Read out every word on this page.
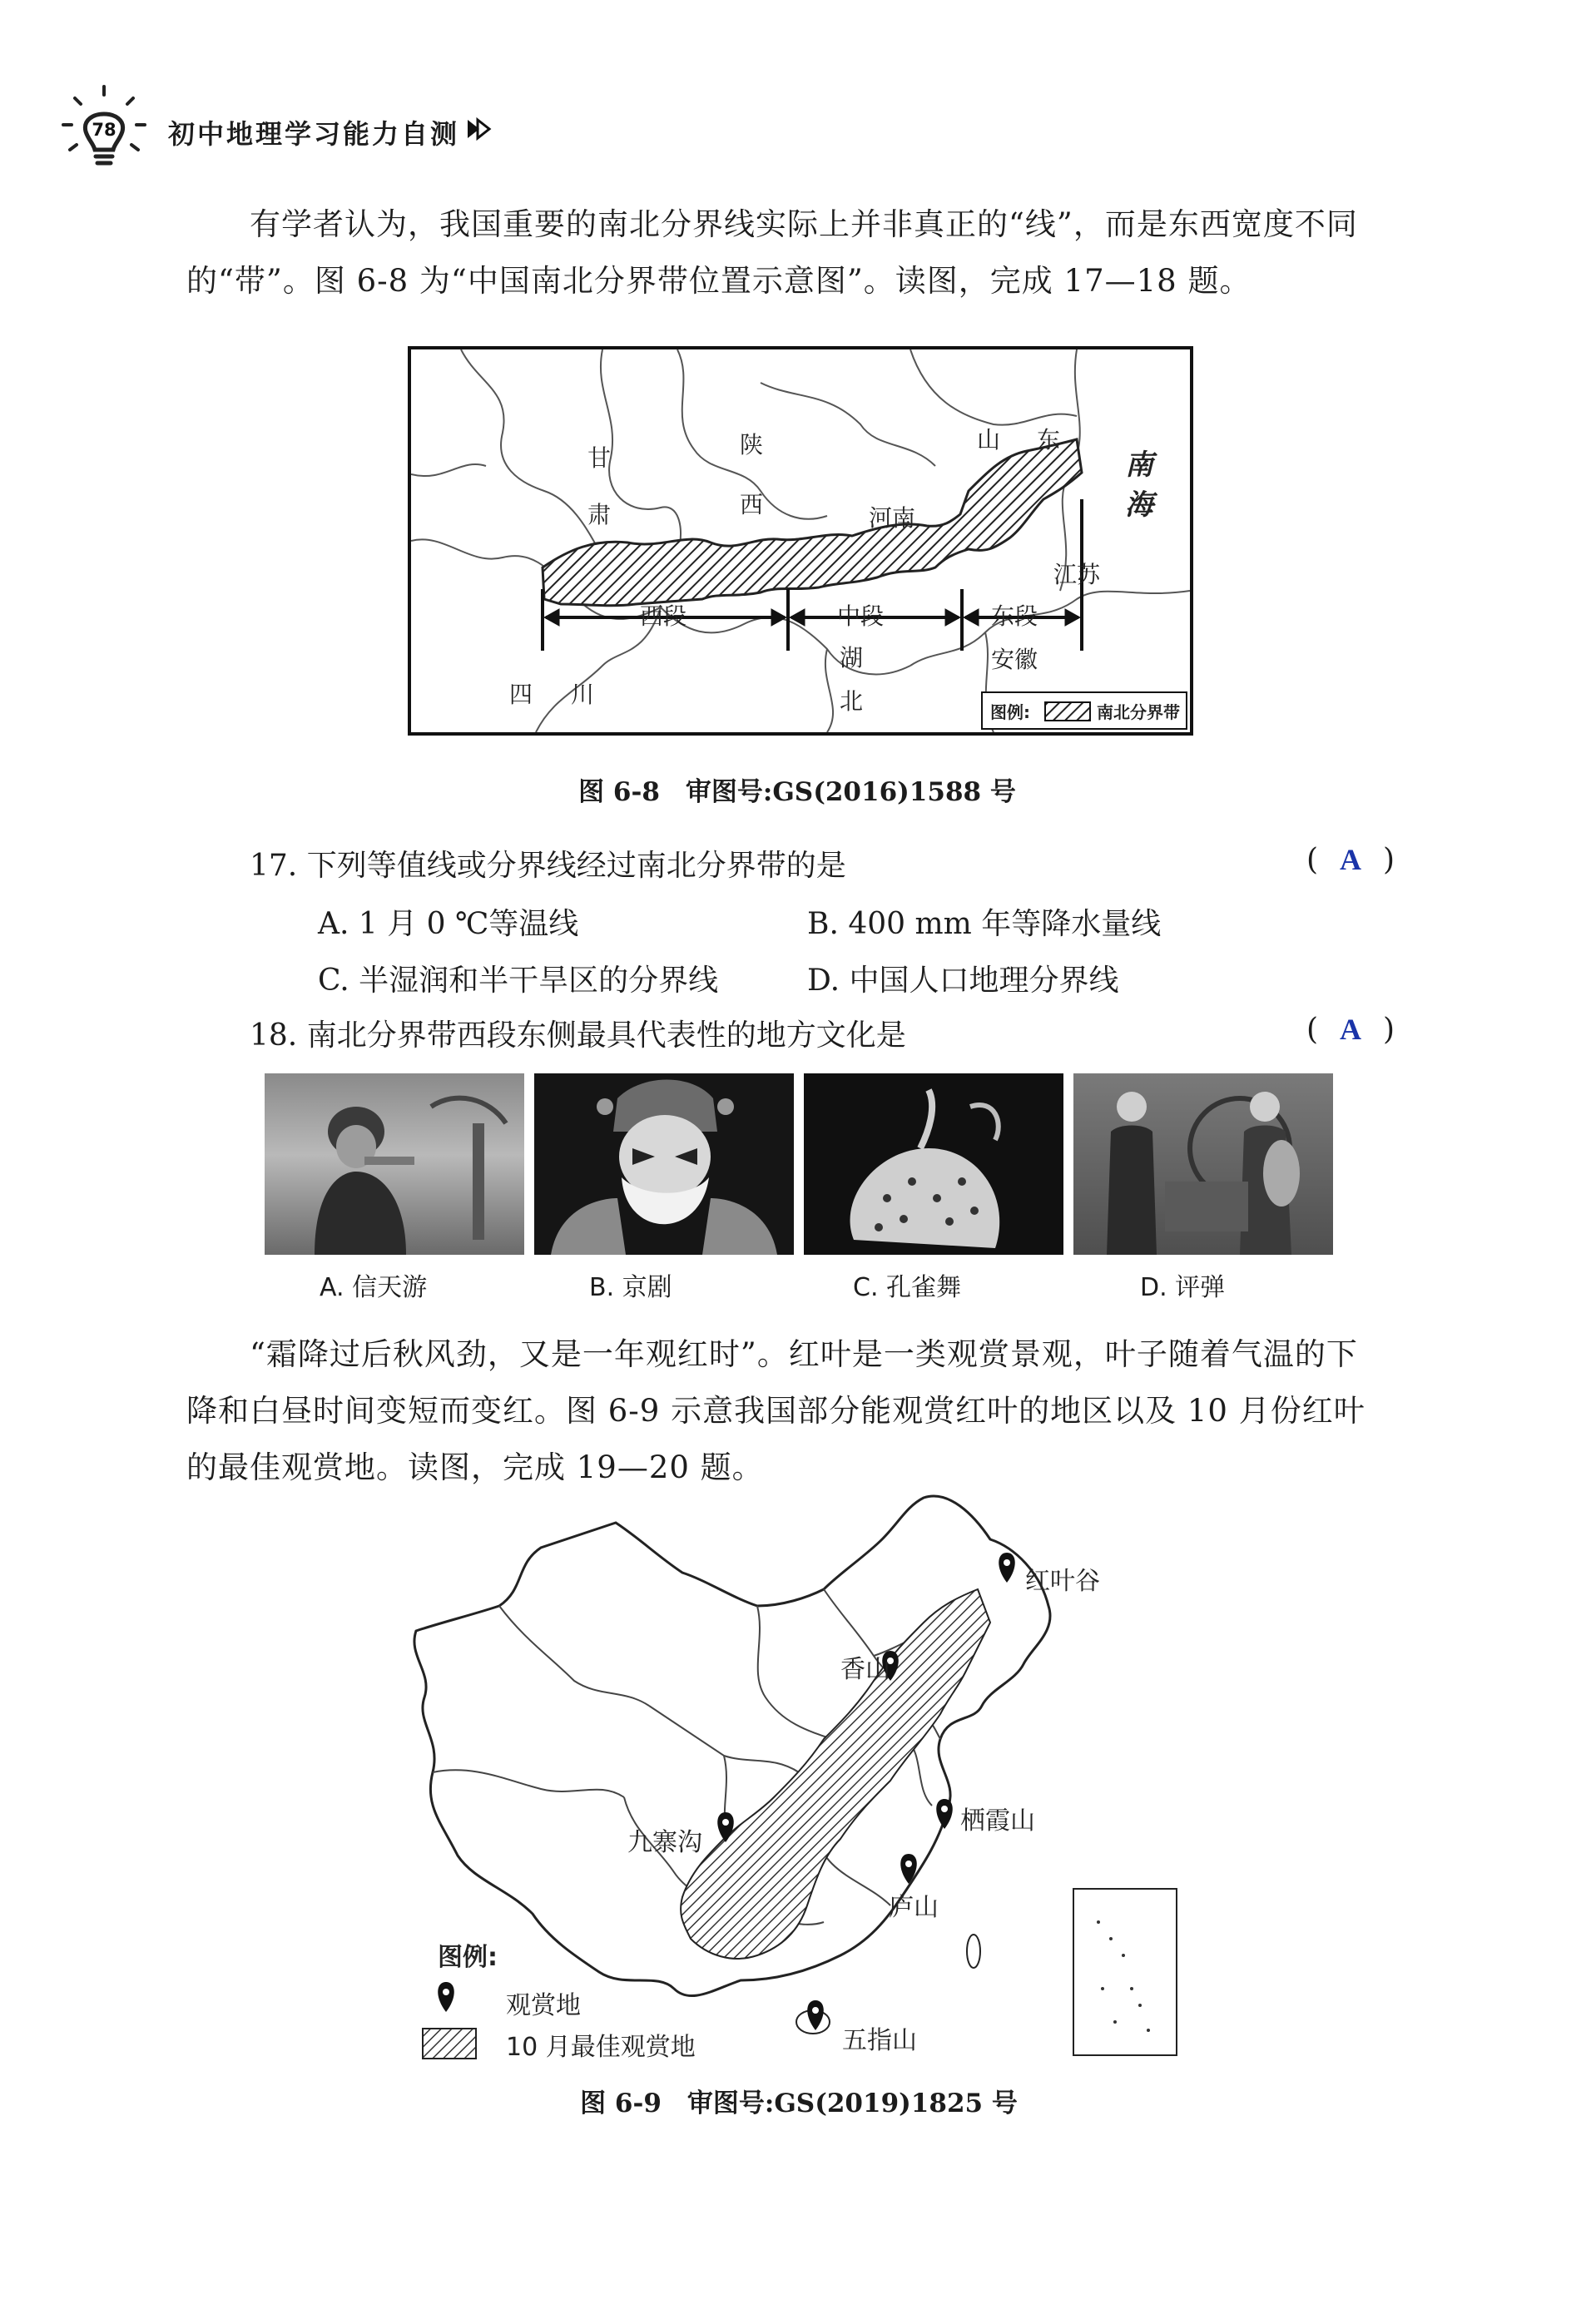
78 初中地理学习能力自测
有学者认为，我国重要的南北分界线实际上并非真正的“线”，而是东西宽度不同
的“带”。图 6-8 为“中国南北分界带位置示意图”。读图，完成 17—18 题。
甘
肃
陕
西	河南
山 东
南
海
江苏
西段	中段	东段
湖
北
安徽
四 川
图例:	南北分界带
图 6-8　审图号:GS(2016)1588 号
17. 下列等值线或分界线经过南北分界带的是	( A )
A. 1 月 0 ℃等温线	B. 400 mm 年等降水量线
C. 半湿润和半干旱区的分界线	D. 中国人口地理分界线
18. 南北分界带西段东侧最具代表性的地方文化是	( A )
A. 信天游	B. 京剧	C. 孔雀舞	D. 评弹
“霜降过后秋风劲，又是一年观红时”。红叶是一类观赏景观，叶子随着气温的下
降和白昼时间变短而变红。图 6-9 示意我国部分能观赏红叶的地区以及 10 月份红叶
的最佳观赏地。读图，完成 19—20 题。
红叶谷
香山
栖霞山
九寨沟
庐山
五指山
图例:
观赏地
10 月最佳观赏地
图 6-9　审图号:GS(2019)1825 号
